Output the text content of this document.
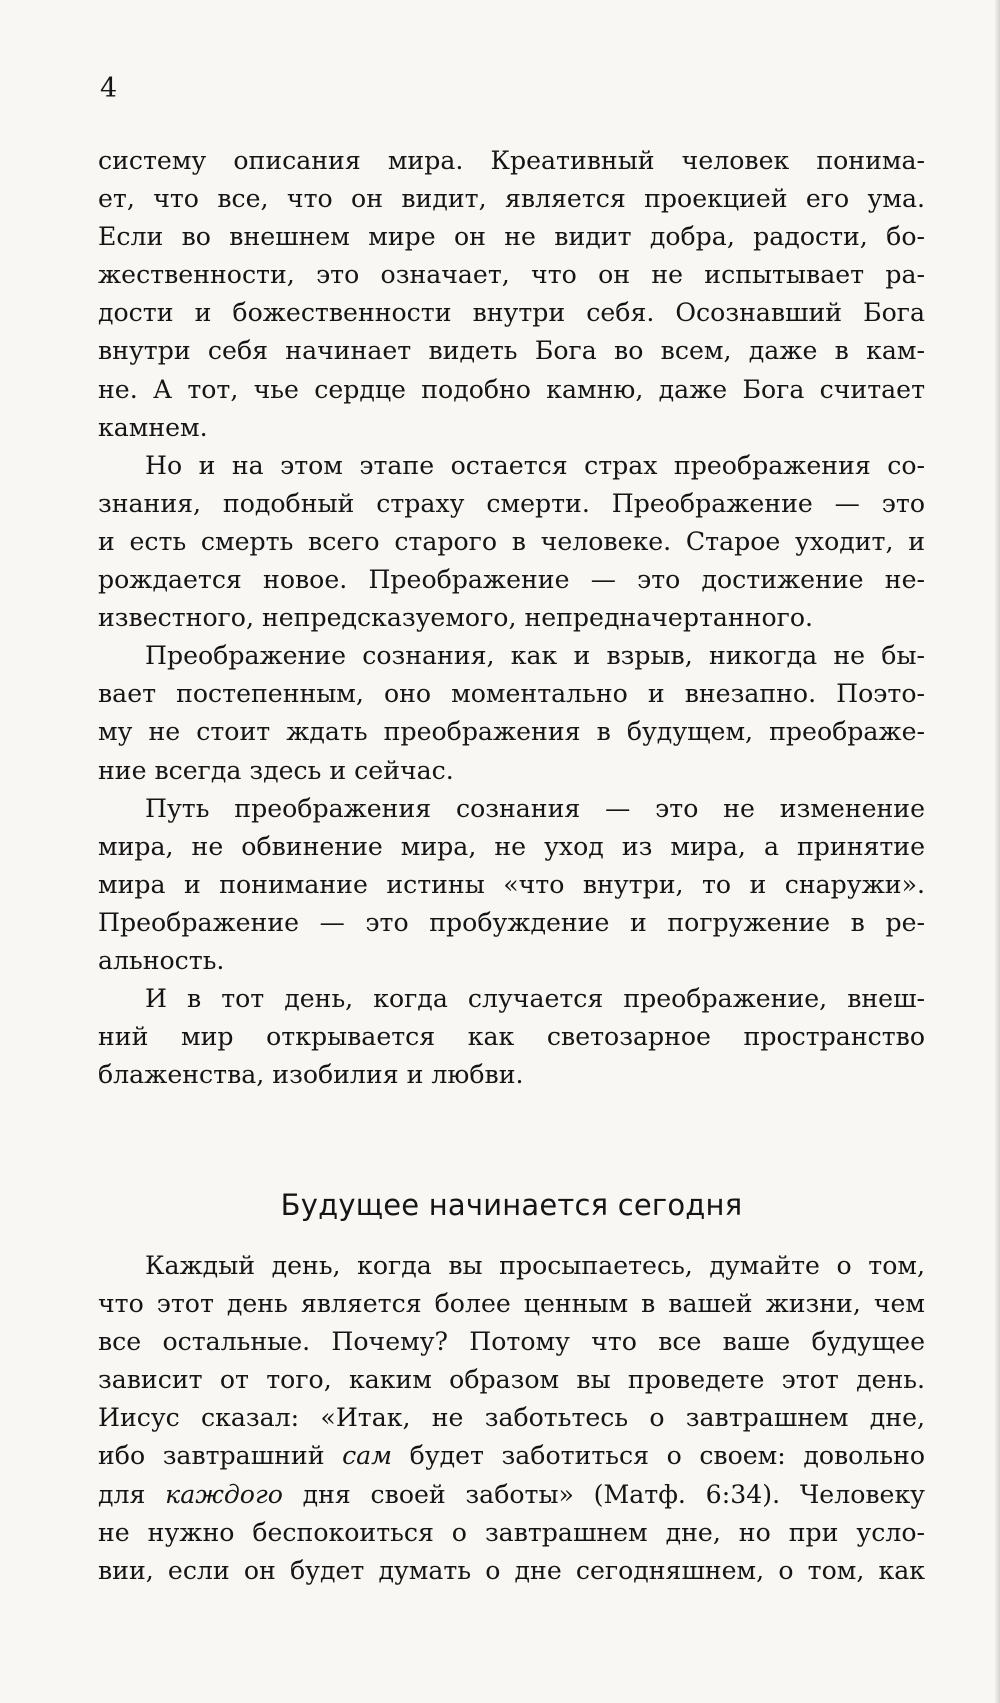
4
систему описания мира. Креативный человек понима-
ет, что все, что он видит, является проекцией его ума.
Если во внешнем мире он не видит добра, радости, бо-
жественности, это означает, что он не испытывает ра-
дости и божественности внутри себя. Осознавший Бога
внутри себя начинает видеть Бога во всем, даже в кам-
не. А тот, чье сердце подобно камню, даже Бога считает
камнем.
Но и на этом этапе остается страх преображения со-
знания, подобный страху смерти. Преображение — это
и есть смерть всего старого в человеке. Старое уходит, и
рождается новое. Преображение — это достижение не-
известного, непредсказуемого, непредначертанного.
Преображение сознания, как и взрыв, никогда не бы-
вает постепенным, оно моментально и внезапно. Поэто-
му не стоит ждать преображения в будущем, преображе-
ние всегда здесь и сейчас.
Путь преображения сознания — это не изменение
мира, не обвинение мира, не уход из мира, а принятие
мира и понимание истины «что внутри, то и снаружи».
Преображение — это пробуждение и погружение в ре-
альность.
И в тот день, когда случается преображение, внеш-
ний мир открывается как светозарное пространство
блаженства, изобилия и любви.
Будущее начинается сегодня
Каждый день, когда вы просыпаетесь, думайте о том,
что этот день является более ценным в вашей жизни, чем
все остальные. Почему? Потому что все ваше будущее
зависит от того, каким образом вы проведете этот день.
Иисус сказал: «Итак, не заботьтесь о завтрашнем дне,
ибо завтрашний сам будет заботиться о своем: довольно
для каждого дня своей заботы» (Матф. 6:34). Человеку
не нужно беспокоиться о завтрашнем дне, но при усло-
вии, если он будет думать о дне сегодняшнем, о том, как
